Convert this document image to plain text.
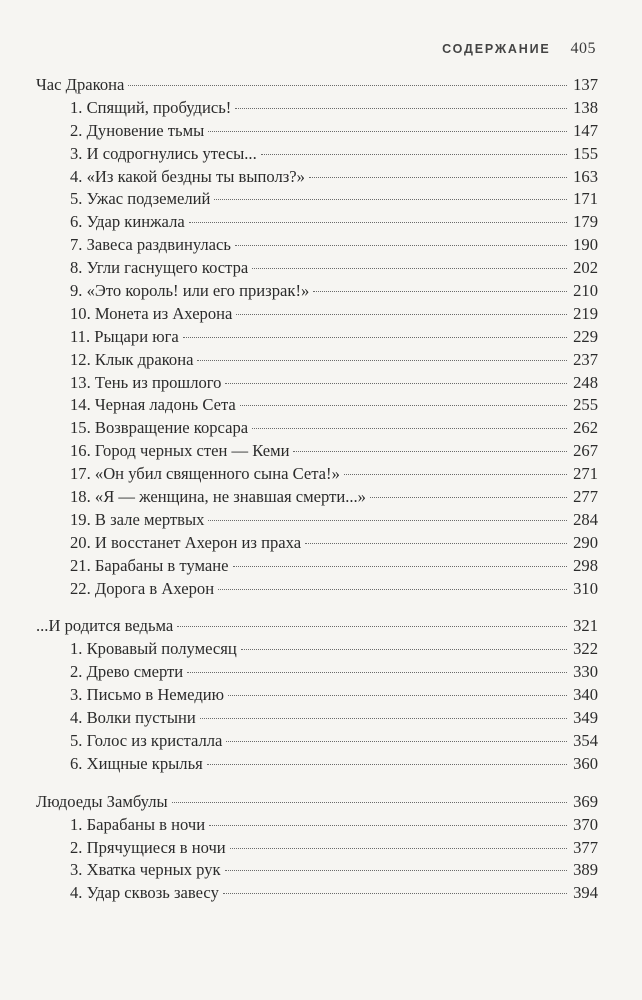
СОДЕРЖАНИЕ 405
Час Дракона	137
1. Спящий, пробудись!	138
2. Дуновение тьмы	147
3. И содрогнулись утесы...	155
4. «Из какой бездны ты выполз?»	163
5. Ужас подземелий	171
6. Удар кинжала	179
7. Завеса раздвинулась	190
8. Угли гаснущего костра	202
9. «Это король! или его призрак!»	210
10. Монета из Ахерона	219
11. Рыцари юга	229
12. Клык дракона	237
13. Тень из прошлого	248
14. Черная ладонь Сета	255
15. Возвращение корсара	262
16. Город черных стен — Кеми	267
17. «Он убил священного сына Сета!»	271
18. «Я — женщина, не знавшая смерти...»	277
19. В зале мертвых	284
20. И восстанет Ахерон из праха	290
21. Барабаны в тумане	298
22. Дорога в Ахерон	310
...И родится ведьма	321
1. Кровавый полумесяц	322
2. Древо смерти	330
3. Письмо в Немедию	340
4. Волки пустыни	349
5. Голос из кристалла	354
6. Хищные крылья	360
Людоеды Замбулы	369
1. Барабаны в ночи	370
2. Прячущиеся в ночи	377
3. Хватка черных рук	389
4. Удар сквозь завесу	394
